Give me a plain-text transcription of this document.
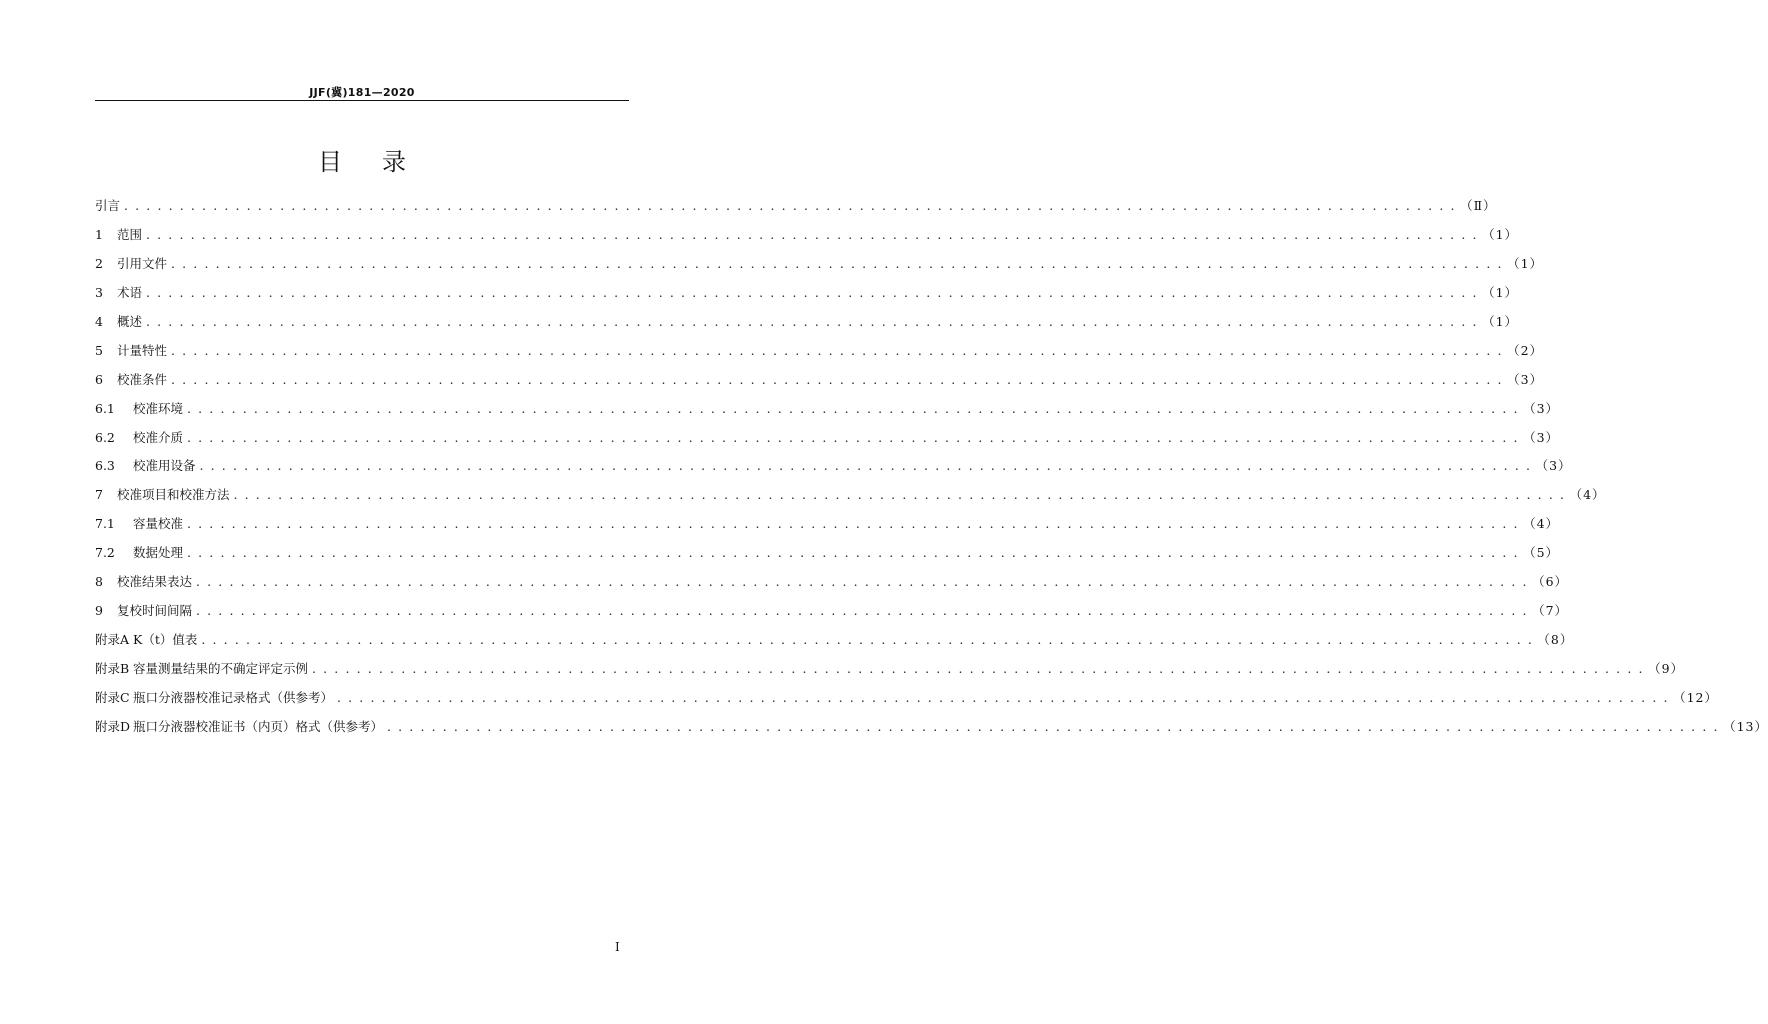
JJF(冀)181—2020
目录
引言 . . . . . . . . . . . . . . . . . . . . . . . . . . . . . . . . . . . . . . . . . . . . . . . . . . . . . . . . . . . . . . . . . . . . . . . . . . . . . . . . . . . . . . . . . . . . . . . . . . . . . . . . . . . . . . . . . . . . . . . . （Ⅱ）
1 范围 . . . . . . . . . . . . . . . . . . . . . . . . . . . . . . . . . . . . . . . . . . . . . . . . . . . . . . . . . . . . . . . . . . . . . . . . . . . . . . . . . . . . . . . . . . . . . . . . . . . . . . . . . . . . . . . . . . . . . . . . （1）
2 引用文件 . . . . . . . . . . . . . . . . . . . . . . . . . . . . . . . . . . . . . . . . . . . . . . . . . . . . . . . . . . . . . . . . . . . . . . . . . . . . . . . . . . . . . . . . . . . . . . . . . . . . . . . . . . . . . . . . . . . . . . . . （1）
3 术语 . . . . . . . . . . . . . . . . . . . . . . . . . . . . . . . . . . . . . . . . . . . . . . . . . . . . . . . . . . . . . . . . . . . . . . . . . . . . . . . . . . . . . . . . . . . . . . . . . . . . . . . . . . . . . . . . . . . . . . . . （1）
4 概述 . . . . . . . . . . . . . . . . . . . . . . . . . . . . . . . . . . . . . . . . . . . . . . . . . . . . . . . . . . . . . . . . . . . . . . . . . . . . . . . . . . . . . . . . . . . . . . . . . . . . . . . . . . . . . . . . . . . . . . . . （1）
5 计量特性 . . . . . . . . . . . . . . . . . . . . . . . . . . . . . . . . . . . . . . . . . . . . . . . . . . . . . . . . . . . . . . . . . . . . . . . . . . . . . . . . . . . . . . . . . . . . . . . . . . . . . . . . . . . . . . . . . . . . . . . . （2）
6 校准条件 . . . . . . . . . . . . . . . . . . . . . . . . . . . . . . . . . . . . . . . . . . . . . . . . . . . . . . . . . . . . . . . . . . . . . . . . . . . . . . . . . . . . . . . . . . . . . . . . . . . . . . . . . . . . . . . . . . . . . . . . （3）
6.1 校准环境 . . . . . . . . . . . . . . . . . . . . . . . . . . . . . . . . . . . . . . . . . . . . . . . . . . . . . . . . . . . . . . . . . . . . . . . . . . . . . . . . . . . . . . . . . . . . . . . . . . . . . . . . . . . . . . . . . . . . . . . . （3）
6.2 校准介质 . . . . . . . . . . . . . . . . . . . . . . . . . . . . . . . . . . . . . . . . . . . . . . . . . . . . . . . . . . . . . . . . . . . . . . . . . . . . . . . . . . . . . . . . . . . . . . . . . . . . . . . . . . . . . . . . . . . . . . . . （3）
6.3 校准用设备 . . . . . . . . . . . . . . . . . . . . . . . . . . . . . . . . . . . . . . . . . . . . . . . . . . . . . . . . . . . . . . . . . . . . . . . . . . . . . . . . . . . . . . . . . . . . . . . . . . . . . . . . . . . . . . . . . . . . . . . . （3）
7 校准项目和校准方法 . . . . . . . . . . . . . . . . . . . . . . . . . . . . . . . . . . . . . . . . . . . . . . . . . . . . . . . . . . . . . . . . . . . . . . . . . . . . . . . . . . . . . . . . . . . . . . . . . . . . . . . . . . . . . . . . . . . . . . . . （4）
7.1 容量校准 . . . . . . . . . . . . . . . . . . . . . . . . . . . . . . . . . . . . . . . . . . . . . . . . . . . . . . . . . . . . . . . . . . . . . . . . . . . . . . . . . . . . . . . . . . . . . . . . . . . . . . . . . . . . . . . . . . . . . . . . （4）
7.2 数据处理 . . . . . . . . . . . . . . . . . . . . . . . . . . . . . . . . . . . . . . . . . . . . . . . . . . . . . . . . . . . . . . . . . . . . . . . . . . . . . . . . . . . . . . . . . . . . . . . . . . . . . . . . . . . . . . . . . . . . . . . . （5）
8 校准结果表达 . . . . . . . . . . . . . . . . . . . . . . . . . . . . . . . . . . . . . . . . . . . . . . . . . . . . . . . . . . . . . . . . . . . . . . . . . . . . . . . . . . . . . . . . . . . . . . . . . . . . . . . . . . . . . . . . . . . . . . . . （6）
9 复校时间间隔 . . . . . . . . . . . . . . . . . . . . . . . . . . . . . . . . . . . . . . . . . . . . . . . . . . . . . . . . . . . . . . . . . . . . . . . . . . . . . . . . . . . . . . . . . . . . . . . . . . . . . . . . . . . . . . . . . . . . . . . . （7）
附录A K（t）值表 . . . . . . . . . . . . . . . . . . . . . . . . . . . . . . . . . . . . . . . . . . . . . . . . . . . . . . . . . . . . . . . . . . . . . . . . . . . . . . . . . . . . . . . . . . . . . . . . . . . . . . . . . . . . . . . . . . . . . . . . （8）
附录B 容量测量结果的不确定评定示例 . . . . . . . . . . . . . . . . . . . . . . . . . . . . . . . . . . . . . . . . . . . . . . . . . . . . . . . . . . . . . . . . . . . . . . . . . . . . . . . . . . . . . . . . . . . . . . . . . . . . . . . . . . . . . . . . . . . . . . . . （9）
附录C 瓶口分液器校准记录格式（供参考） . . . . . . . . . . . . . . . . . . . . . . . . . . . . . . . . . . . . . . . . . . . . . . . . . . . . . . . . . . . . . . . . . . . . . . . . . . . . . . . . . . . . . . . . . . . . . . . . . . . . . . . . . . . . . . . . . . . . . . . . （12）
附录D 瓶口分液器校准证书（内页）格式（供参考） . . . . . . . . . . . . . . . . . . . . . . . . . . . . . . . . . . . . . . . . . . . . . . . . . . . . . . . . . . . . . . . . . . . . . . . . . . . . . . . . . . . . . . . . . . . . . . . . . . . . . . . . . . . . . . . . . . . . . . . . （13）
I
